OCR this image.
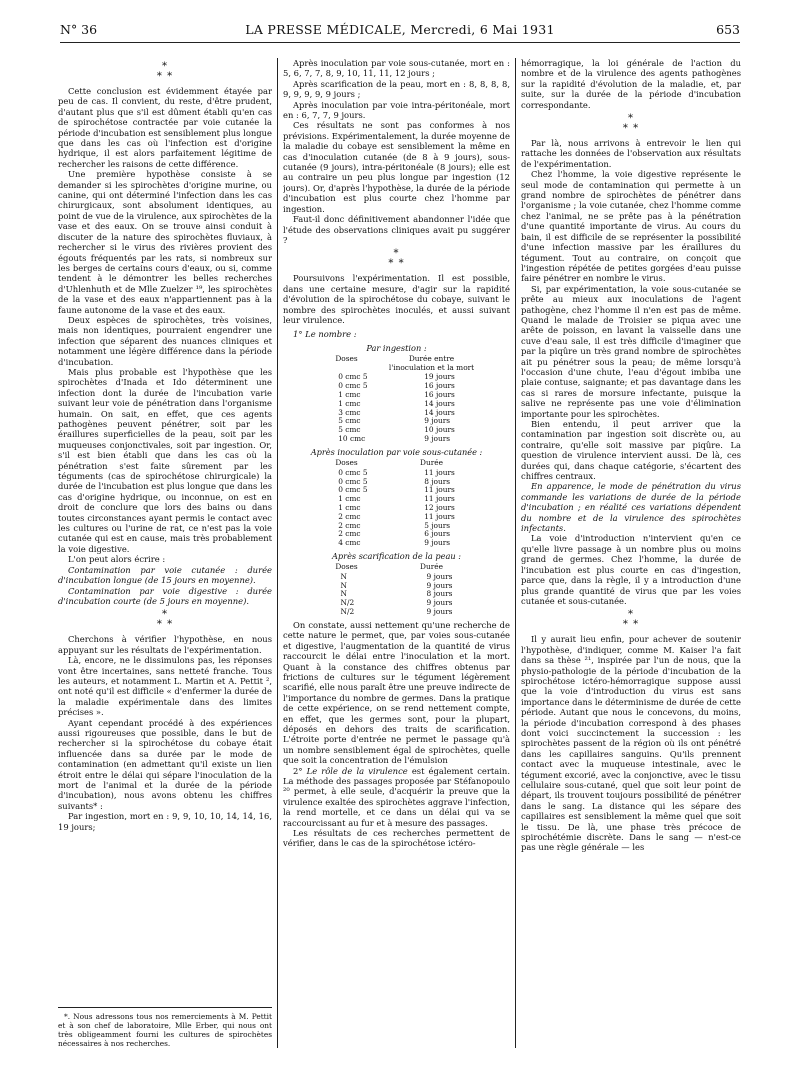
N° 36	LA PRESSE MÉDICALE, Mercredi, 6 Mai 1931	653
*
* *

Cette conclusion est évidemment étayée par peu de cas. Il convient, du reste, d'être prudent, d'autant plus que s'il est dûment établi qu'en cas de spirochétose contractée par voie cutanée la période d'incubation est sensiblement plus longue que dans les cas où l'infection est d'origine hydrique, il est alors parfaitement légitime de rechercher les raisons de cette différence.

Une première hypothèse consiste à se demander si les spirochètes d'origine murine, ou canine, qui ont déterminé l'infection dans les cas chirurgicaux, sont absolument identiques, au point de vue de la virulence, aux spirochètes de la vase et des eaux. On se trouve ainsi conduit à discuter de la nature des spirochètes fluviaux, à rechercher si le virus des rivières provient des égouts fréquentés par les rats, si nombreux sur les berges de certains cours d'eaux, ou si, comme tendent à le démontrer les belles recherches d'Uhlenhuth et de Mlle Zuelzer ¹⁹, les spirochètes de la vase et des eaux n'appartiennent pas à la faune autonome de la vase et des eaux.

Deux espèces de spirochètes, très voisines, mais non identiques, pourraient engendrer une infection que séparent des nuances cliniques et notamment une légère différence dans la période d'incubation.

Mais plus probable est l'hypothèse que les spirochètes d'Inada et Ido déterminent une infection dont la durée de l'incubation varie suivant leur voie de pénétration dans l'organisme humain. On sait, en effet, que ces agents pathogènes peuvent pénétrer, soit par les éraillures superficielles de la peau, soit par les muqueuses conjonctivales, soit par ingestion. Or, s'il est bien établi que dans les cas où la pénétration s'est faite sûrement par les téguments (cas de spirochétose chirurgicale) la durée de l'incubation est plus longue que dans les cas d'origine hydrique, ou inconnue, on est en droit de conclure que lors des bains ou dans toutes circonstances ayant permis le contact avec les cultures ou l'urine de rat, ce n'est pas la voie cutanée qui est en cause, mais très probablement la voie digestive.

L'on peut alors écrire :

Contamination par voie cutanée : durée d'incubation longue (de 15 jours en moyenne).

Contamination par voie digestive : durée d'incubation courte (de 5 jours en moyenne).

*
* *

Cherchons à vérifier l'hypothèse, en nous appuyant sur les résultats de l'expérimentation.

Là, encore, ne le dissimulons pas, les réponses vont être incertaines, sans netteté franche. Tous les auteurs, et notamment L. Martin et A. Pettit ², ont noté qu'il est difficile « d'enfermer la durée de la maladie expérimentale dans des limites précises ».

Ayant cependant procédé à des expériences aussi rigoureuses que possible, dans le but de rechercher si la spirochétose du cobaye était influencée dans sa durée par le mode de contamination (en admettant qu'il existe un lien étroit entre le délai qui sépare l'inoculation de la mort de l'animal et la durée de la période d'incubation), nous avons obtenu les chiffres suivants* :

Par ingestion, mort en : 9, 9, 10, 10, 14, 14, 16, 19 jours;

*. Nous adressons tous nos remerciements à M. Pettit et à son chef de laboratoire, Mlle Erber, qui nous ont très obligeamment fourni les cultures de spirochètes nécessaires à nos recherches.

Après inoculation par voie sous-cutanée, mort en : 5, 6, 7, 7, 8, 9, 10, 11, 11, 12 jours ;

Après scarification de la peau, mort en : 8, 8, 8, 8, 9, 9, 9, 9, 9 jours ;

Après inoculation par voie intra-péritonéale, mort en : 6, 7, 7, 9 jours.

Ces résultats ne sont pas conformes à nos prévisions. Expérimentalement, la durée moyenne de la maladie du cobaye est sensiblement la même en cas d'inoculation cutanée (de 8 à 9 jours), sous-cutanée (9 jours), intra-péritonéale (8 jours); elle est au contraire un peu plus longue par ingestion (12 jours). Or, d'après l'hypothèse, la durée de la période d'incubation est plus courte chez l'homme par ingestion.

Faut-il donc définitivement abandonner l'idée que l'étude des observations cliniques avait pu suggérer ?

*
* *

Poursuivons l'expérimentation. Il est possible, dans une certaine mesure, d'agir sur la rapidité d'évolution de la spirochétose du cobaye, suivant le nombre des spirochètes inoculés, et aussi suivant leur virulence.

1° Le nombre :

Par ingestion :
Doses	Durée entre
l'inoculation et la mort
0 cmc 5	19 jours
0 cmc 5	16 jours
1 cmc	16 jours
1 cmc	14 jours
3 cmc	14 jours
5 cmc	9 jours
5 cmc	10 jours
10 cmc	9 jours
Après inoculation par voie sous-cutanée :
Doses	Durée
0 cmc 5	11 jours
0 cmc 5	8 jours
0 cmc 5	11 jours
1 cmc	11 jours
1 cmc	12 jours
2 cmc	11 jours
2 cmc	5 jours
2 cmc	6 jours
4 cmc	9 jours
Après scarification de la peau :
Doses	Durée
N	9 jours
N	9 jours
N	8 jours
N/2	9 jours
N/2	9 jours

On constate, aussi nettement qu'une recherche de cette nature le permet, que, par voies sous-cutanée et digestive, l'augmentation de la quantité de virus raccourcit le délai entre l'inoculation et la mort. Quant à la constance des chiffres obtenus par frictions de cultures sur le tégument légèrement scarifié, elle nous paraît être une preuve indirecte de l'importance du nombre de germes. Dans la pratique de cette expérience, on se rend nettement compte, en effet, que les germes sont, pour la plupart, déposés en dehors des traits de scarification. L'étroite porte d'entrée ne permet le passage qu'à un nombre sensiblement égal de spirochètes, quelle que soit la concentration de l'émulsion

2° Le rôle de la virulence est également certain. La méthode des passages proposée par Stéfanopoulo ²⁰ permet, à elle seule, d'acquérir la preuve que la virulence exaltée des spirochètes aggrave l'infection, la rend mortelle, et ce dans un délai qui va se raccourcissant au fur et à mesure des passages.

Les résultats de ces recherches permettent de vérifier, dans le cas de la spirochétose ictéro-

hémorragique, la loi générale de l'action du nombre et de la virulence des agents pathogènes sur la rapidité d'évolution de la maladie, et, par suite, sur la durée de la période d'incubation correspondante.

*
* *

Par là, nous arrivons à entrevoir le lien qui rattache les données de l'observation aux résultats de l'expérimentation.

Chez l'homme, la voie digestive représente le seul mode de contamination qui permette à un grand nombre de spirochètes de pénétrer dans l'organisme ; la voie cutanée, chez l'homme comme chez l'animal, ne se prête pas à la pénétration d'une quantité importante de virus. Au cours du bain, il est difficile de se représenter la possibilité d'une infection massive par les éraillures du tégument. Tout au contraire, on conçoit que l'ingestion répétée de petites gorgées d'eau puisse faire pénétrer en nombre le virus.

Si, par expérimentation, la voie sous-cutanée se prête au mieux aux inoculations de l'agent pathogène, chez l'homme il n'en est pas de même. Quand le malade de Troisier se piqua avec une arête de poisson, en lavant la vaisselle dans une cuve d'eau sale, il est très difficile d'imaginer que par la piqûre un très grand nombre de spirochètes ait pu pénétrer sous la peau; de même lorsqu'à l'occasion d'une chute, l'eau d'égout imbiba une plaie contuse, saignante; et pas davantage dans les cas si rares de morsure infectante, puisque la salive ne représente pas une voie d'élimination importante pour les spirochètes.

Bien entendu, il peut arriver que la contamination par ingestion soit discrète ou, au contraire, qu'elle soit massive par piqûre. La question de virulence intervient aussi. De là, ces durées qui, dans chaque catégorie, s'écartent des chiffres centraux.

En apparence, le mode de pénétration du virus commande les variations de durée de la période d'incubation ; en réalité ces variations dépendent du nombre et de la virulence des spirochètes infectants.

La voie d'introduction n'intervient qu'en ce qu'elle livre passage à un nombre plus ou moins grand de germes. Chez l'homme, la durée de l'incubation est plus courte en cas d'ingestion, parce que, dans la règle, il y a introduction d'une plus grande quantité de virus que par les voies cutanée et sous-cutanée.

*
* *

Il y aurait lieu enfin, pour achever de soutenir l'hypothèse, d'indiquer, comme M. Kaiser l'a fait dans sa thèse ²¹, inspirée par l'un de nous, que la physio-pathologie de la période d'incubation de la spirochétose ictéro-hémorragique suppose aussi que la voie d'introduction du virus est sans importance dans le déterminisme de durée de cette période. Autant que nous le concevons, du moins, la période d'incubation correspond à des phases dont voici succinctement la succession : les spirochètes passent de la région où ils ont pénétré dans les capillaires sanguins. Qu'ils prennent contact avec la muqueuse intestinale, avec le tégument excorié, avec la conjonctive, avec le tissu cellulaire sous-cutané, quel que soit leur point de départ, ils trouvent toujours possibilité de pénétrer dans le sang. La distance qui les sépare des capillaires est sensiblement la même quel que soit le tissu. De là, une phase très précoce de spirochétémie discrète. Dans le sang — n'est-ce pas une règle générale — les
